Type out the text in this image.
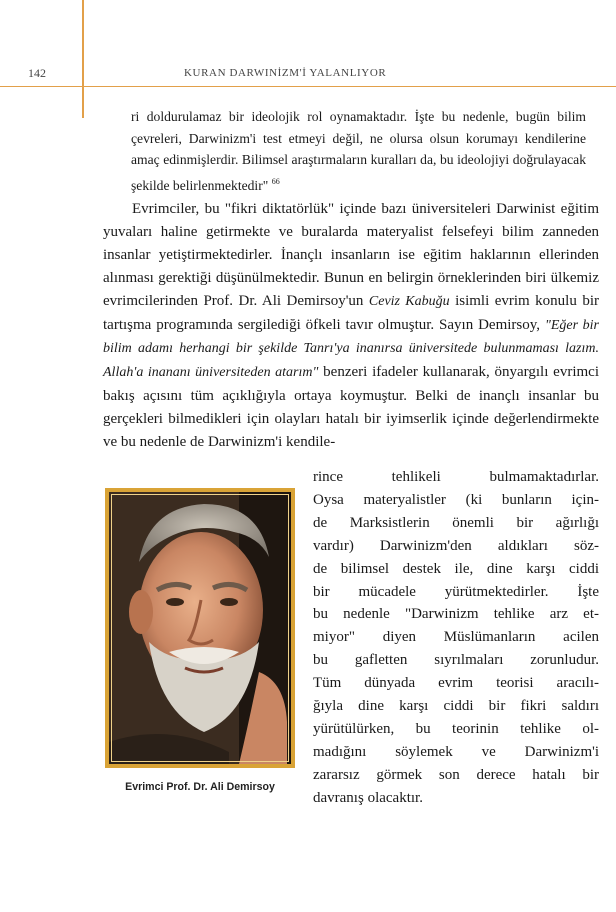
142	KURAN DARWINİZM'İ YALANLIYOR
ri doldurulamaz bir ideolojik rol oynamaktadır. İşte bu nedenle, bugün bilim çevreleri, Darwinizm'i test etmeyi değil, ne olursa olsun korumayı kendilerine amaç edinmişlerdir. Bilimsel araştırmaların kuralları da, bu ideolojiyi doğrulayacak şekilde belirlenmektedir" $^{66}$
Evrimciler, bu "fikri diktatörlük" içinde bazı üniversiteleri Darwinist eğitim yuvaları haline getirmekte ve buralarda materyalist felsefeyi bilim zanneden insanlar yetiştirmektedirler. İnançlı insanların ise eğitim haklarının ellerinden alınması gerektiği düşünülmektedir. Bunun en belirgin örneklerinden biri ülkemiz evrimcilerinden Prof. Dr. Ali Demirsoy'un Ceviz Kabuğu isimli evrim konulu bir tartışma programında sergilediği öfkeli tavır olmuştur. Sayın Demirsoy, "Eğer bir bilim adamı herhangi bir şekilde Tanrı'ya inanırsa üniversitede bulunmaması lazım. Allah'a inananı üniversiteden atarım" benzeri ifadeler kullanarak, önyargılı evrimci bakış açısını tüm açıklığıyla ortaya koymuştur. Belki de inançlı insanlar bu gerçekleri bilmedikleri için olayları hatalı bir iyimserlik içinde değerlendirmekte ve bu nedenle de Darwinizm'i kendile-
rince tehlikeli bulmamaktadırlar.
Oysa materyalistler (ki bunların için-
de Marksistlerin önemli bir ağırlığı
vardır) Darwinizm'den aldıkları söz-
de bilimsel destek ile, dine karşı ciddi
bir mücadele yürütmektedirler. İşte
bu nedenle "Darwinizm tehlike arz et-
miyor" diyen Müslümanların acilen
bu gafletten sıyrılmaları zorunludur.
Tüm dünyada evrim teorisi aracılı-
ğıyla dine karşı ciddi bir fikri saldırı
yürütülürken, bu teorinin tehlike ol-
madığını söylemek ve Darwinizm'i
zararsız görmek son derece hatalı bir
davranış olacaktır.
Evrimci Prof. Dr. Ali Demirsoy
